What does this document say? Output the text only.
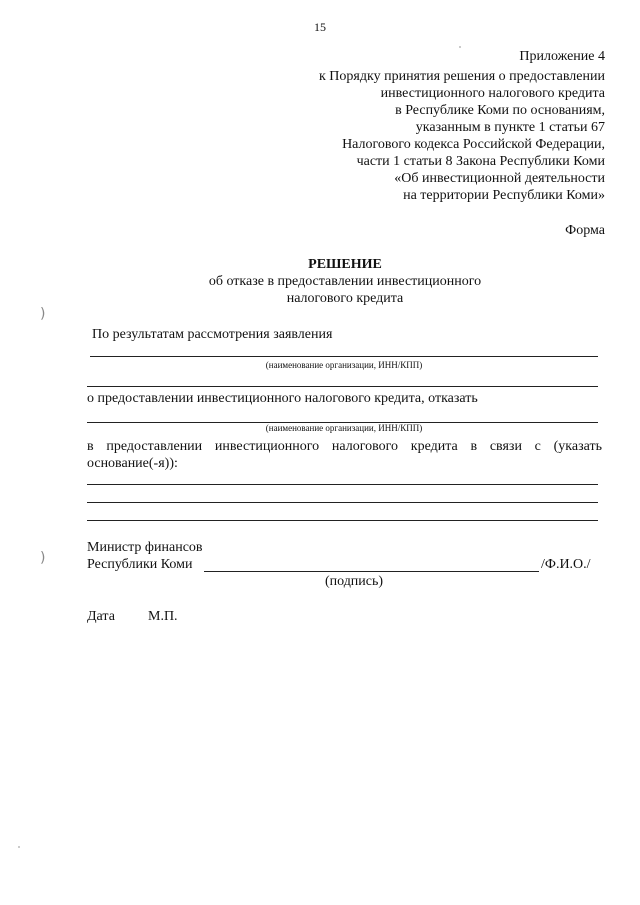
15
Приложение 4
к Порядку принятия решения о предоставлении
инвестиционного налогового кредита
в Республике Коми по основаниям,
указанным в пункте 1 статьи 67
Налогового кодекса Российской Федерации,
части 1 статьи 8 Закона Республики Коми
«Об инвестиционной деятельности
на территории Республики Коми»
Форма
РЕШЕНИЕ
об отказе в предоставлении инвестиционного
налогового кредита
)
)
По результатам рассмотрения заявления
(наименование организации, ИНН/КПП)
о предоставлении инвестиционного налогового кредита, отказать
(наименование организации, ИНН/КПП)
в предоставлении инвестиционного налогового кредита в связи с (указать
основание(-я)):
Министр финансов
Республики Коми	/Ф.И.О./
(подпись)
Дата М.П.
